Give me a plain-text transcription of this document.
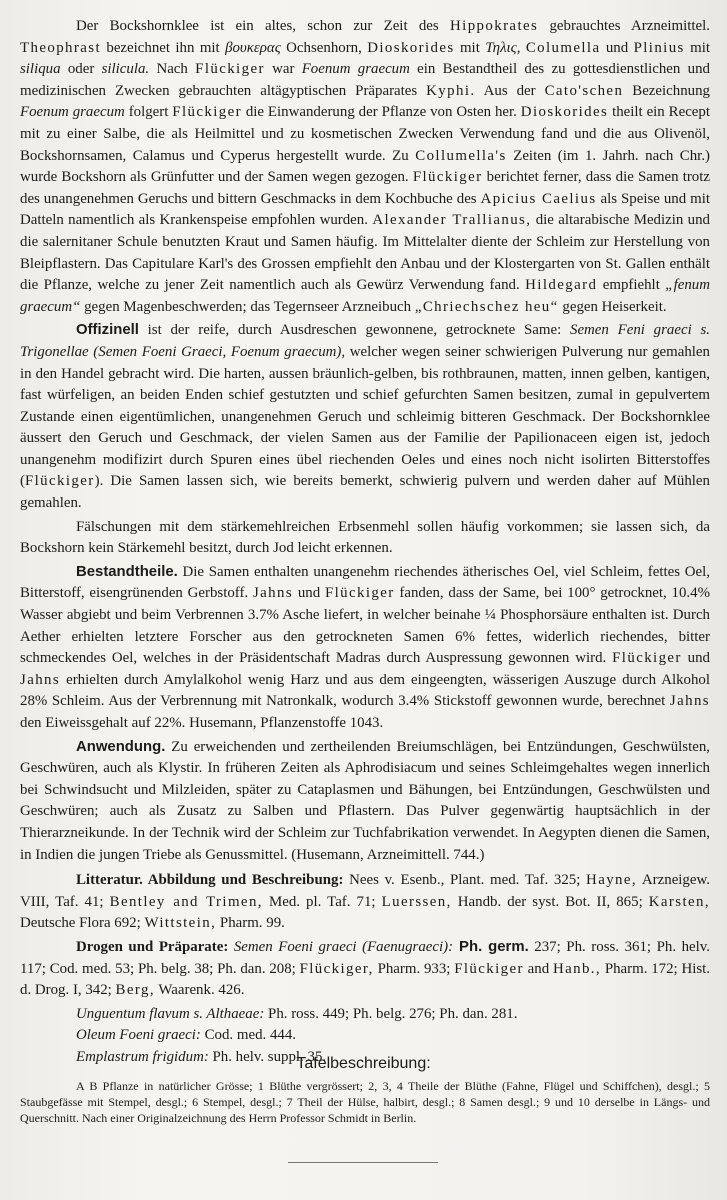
Der Bockshornklee ist ein altes, schon zur Zeit des Hippokrates gebrauchtes Arzneimittel. Theophrast bezeichnet ihn mit βουκερας Ochsenhorn, Dioskorides mit Τηλις, Columella und Plinius mit siliqua oder silicula. Nach Flückiger war Foenum graecum ein Bestandtheil des zu gottesdienstlichen und medizinischen Zwecken gebrauchten altägyptischen Präparates Kyphi. Aus der Cato'schen Bezeichnung Foenum graecum folgert Flückiger die Einwanderung der Pflanze von Osten her. Dioskorides theilt ein Recept mit zu einer Salbe, die als Heilmittel und zu kosmetischen Zwecken Verwendung fand und die aus Olivenöl, Bockshornsamen, Calamus und Cyperus hergestellt wurde. Zu Collumella's Zeiten (im 1. Jahrh. nach Chr.) wurde Bockshorn als Grünfutter und der Samen wegen gezogen. Flückiger berichtet ferner, dass die Samen trotz des unangenehmen Geruchs und bittern Geschmacks in dem Kochbuche des Apicius Caelius als Speise und mit Datteln namentlich als Krankenspeise empfohlen wurden. Alexander Trallianus, die altarabische Medizin und die salernitaner Schule benutzten Kraut und Samen häufig. Im Mittelalter diente der Schleim zur Herstellung von Bleipflastern. Das Capitulare Karl's des Grossen empfiehlt den Anbau und der Klostergarten von St. Gallen enthält die Pflanze, welche zu jener Zeit namentlich auch als Gewürz Verwendung fand. Hildegard empfiehlt „fenum graecum“ gegen Magenbeschwerden; das Tegernseer Arzneibuch „Chriechschez heu“ gegen Heiserkeit.

Offizinell ist der reife, durch Ausdreschen gewonnene, getrocknete Same: Semen Feni graeci s. Trigonellae (Semen Foeni Graeci, Foenum graecum), welcher wegen seiner schwierigen Pulverung nur gemahlen in den Handel gebracht wird. Die harten, aussen bräunlich-gelben, bis rothbraunen, matten, innen gelben, kantigen, fast würfeligen, an beiden Enden schief gestutzten und schief gefurchten Samen besitzen, zumal in gepulvertem Zustande einen eigentümlichen, unangenehmen Geruch und schleimig bitteren Geschmack. Der Bockshornklee äussert den Geruch und Geschmack, der vielen Samen aus der Familie der Papilionaceen eigen ist, jedoch unangenehm modifizirt durch Spuren eines übel riechenden Oeles und eines noch nicht isolirten Bitterstoffes (Flückiger). Die Samen lassen sich, wie bereits bemerkt, schwierig pulvern und werden daher auf Mühlen gemahlen.

Fälschungen mit dem stärkemehlreichen Erbsenmehl sollen häufig vorkommen; sie lassen sich, da Bockshorn kein Stärkemehl besitzt, durch Jod leicht erkennen.

Bestandtheile. Die Samen enthalten unangenehm riechendes ätherisches Oel, viel Schleim, fettes Oel, Bitterstoff, eisengrünenden Gerbstoff. Jahns und Flückiger fanden, dass der Same, bei 100° getrocknet, 10.4% Wasser abgiebt und beim Verbrennen 3.7% Asche liefert, in welcher beinahe ¼ Phosphorsäure enthalten ist. Durch Aether erhielten letztere Forscher aus den getrockneten Samen 6% fettes, widerlich riechendes, bitter schmeckendes Oel, welches in der Präsidentschaft Madras durch Auspressung gewonnen wird. Flückiger und Jahns erhielten durch Amylalkohol wenig Harz und aus dem eingeengten, wässerigen Auszuge durch Alkohol 28% Schleim. Aus der Verbrennung mit Natronkalk, wodurch 3.4% Stickstoff gewonnen wurde, berechnet Jahns den Eiweissgehalt auf 22%. Husemann, Pflanzenstoffe 1043.

Anwendung. Zu erweichenden und zertheilenden Breiumschlägen, bei Entzündungen, Geschwülsten, Geschwüren, auch als Klystir. In früheren Zeiten als Aphrodisiacum und seines Schleimgehaltes wegen innerlich bei Schwindsucht und Milzleiden, später zu Cataplasmen und Bähungen, bei Entzündungen, Geschwülsten und Geschwüren; auch als Zusatz zu Salben und Pflastern. Das Pulver gegenwärtig hauptsächlich in der Thierarzneikunde. In der Technik wird der Schleim zur Tuchfabrikation verwendet. In Aegypten dienen die Samen, in Indien die jungen Triebe als Genussmittel. (Husemann, Arzneimittell. 744.)

Litteratur. Abbildung und Beschreibung: Nees v. Esenb., Plant. med. Taf. 325; Hayne, Arzneigew. VIII, Taf. 41; Bentley and Trimen, Med. pl. Taf. 71; Luerssen, Handb. der syst. Bot. II, 865; Karsten, Deutsche Flora 692; Wittstein, Pharm. 99.

Drogen und Präparate: Semen Foeni graeci (Faenugraeci): Ph. germ. 237; Ph. ross. 361; Ph. helv. 117; Cod. med. 53; Ph. belg. 38; Ph. dan. 208; Flückiger, Pharm. 933; Flückiger and Hanb., Pharm. 172; Hist. d. Drog. I, 342; Berg, Waarenk. 426.

Unguentum flavum s. Althaeae: Ph. ross. 449; Ph. belg. 276; Ph. dan. 281.
Oleum Foeni graeci: Cod. med. 444.
Emplastrum frigidum: Ph. helv. suppl. 35.
Tafelbeschreibung:

A B Pflanze in natürlicher Grösse; 1 Blüthe vergrössert; 2, 3, 4 Theile der Blüthe (Fahne, Flügel und Schiffchen), desgl.; 5 Staubgefässe mit Stempel, desgl.; 6 Stempel, desgl.; 7 Theil der Hülse, halbirt, desgl.; 8 Samen desgl.; 9 und 10 derselbe in Längs- und Querschnitt. Nach einer Originalzeichnung des Herrn Professor Schmidt in Berlin.
